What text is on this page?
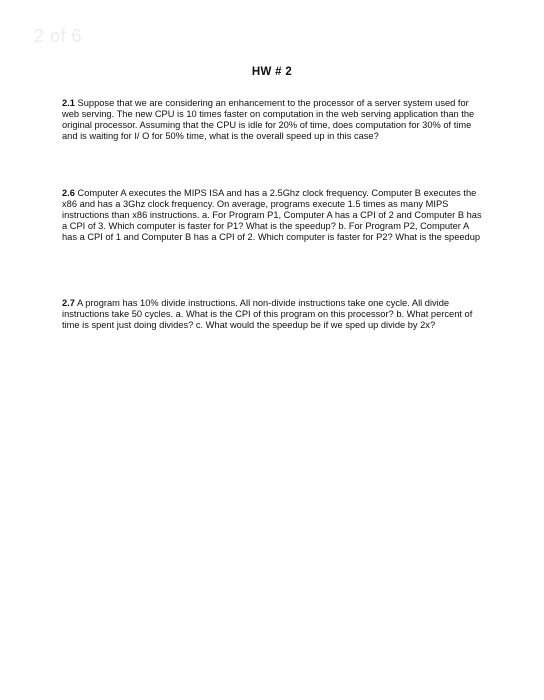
2 of 6
HW # 2

2.1 Suppose that we are considering an enhancement to the processor of a server system used for web serving. The new CPU is 10 times faster on computation in the web serving application than the original processor. Assuming that the CPU is idle for 20% of time, does computation for 30% of time and is waiting for I/ O for 50% time, what is the overall speed up in this case?

2.6 Computer A executes the MIPS ISA and has a 2.5Ghz clock frequency. Computer B executes the x86 and has a 3Ghz clock frequency. On average, programs execute 1.5 times as many MIPS instructions than x86 instructions. a. For Program P1, Computer A has a CPI of 2 and Computer B has a CPI of 3. Which computer is faster for P1? What is the speedup? b. For Program P2, Computer A has a CPI of 1 and Computer B has a CPI of 2. Which computer is faster for P2? What is the speedup

2.7 A program has 10% divide instructions. All non-divide instructions take one cycle. All divide instructions take 50 cycles. a. What is the CPI of this program on this processor? b. What percent of time is spent just doing divides? c. What would the speedup be if we sped up divide by 2x?
